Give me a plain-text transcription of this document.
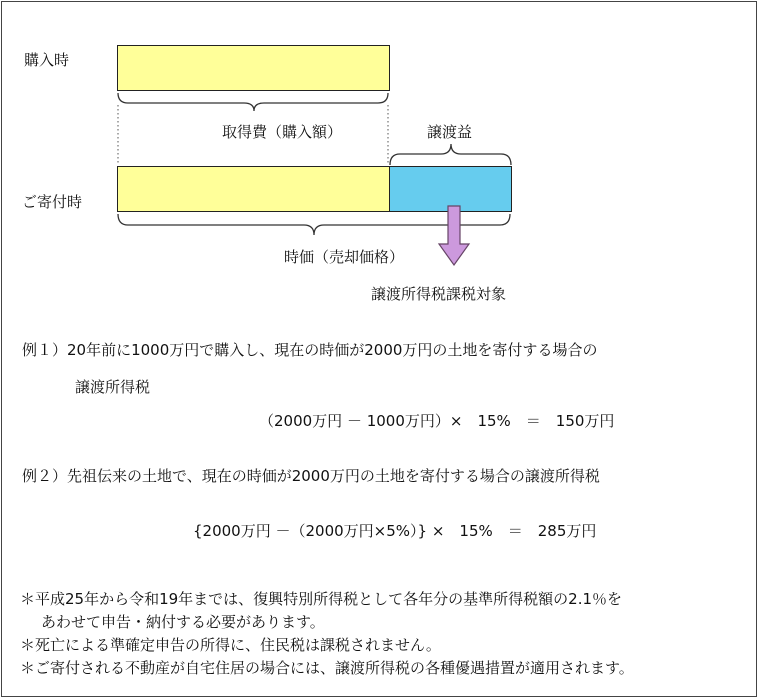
購入時
ご寄付時
取得費（購入額）	譲渡益
時価（売却価格）
譲渡所得税課税対象
例１）20年前に1000万円で購入し、現在の時価が2000万円の土地を寄付する場合の
譲渡所得税
（2000万円 － 1000万円）×　15%　＝　150万円
例２）先祖伝来の土地で、現在の時価が2000万円の土地を寄付する場合の譲渡所得税
{2000万円 －（2000万円×5%）} ×　15%　＝　285万円
＊平成25年から令和19年までは、復興特別所得税として各年分の基準所得税額の2.1％を
あわせて申告・納付する必要があります。
＊死亡による準確定申告の所得に、住民税は課税されません。
＊ご寄付される不動産が自宅住居の場合には、譲渡所得税の各種優遇措置が適用されます。
